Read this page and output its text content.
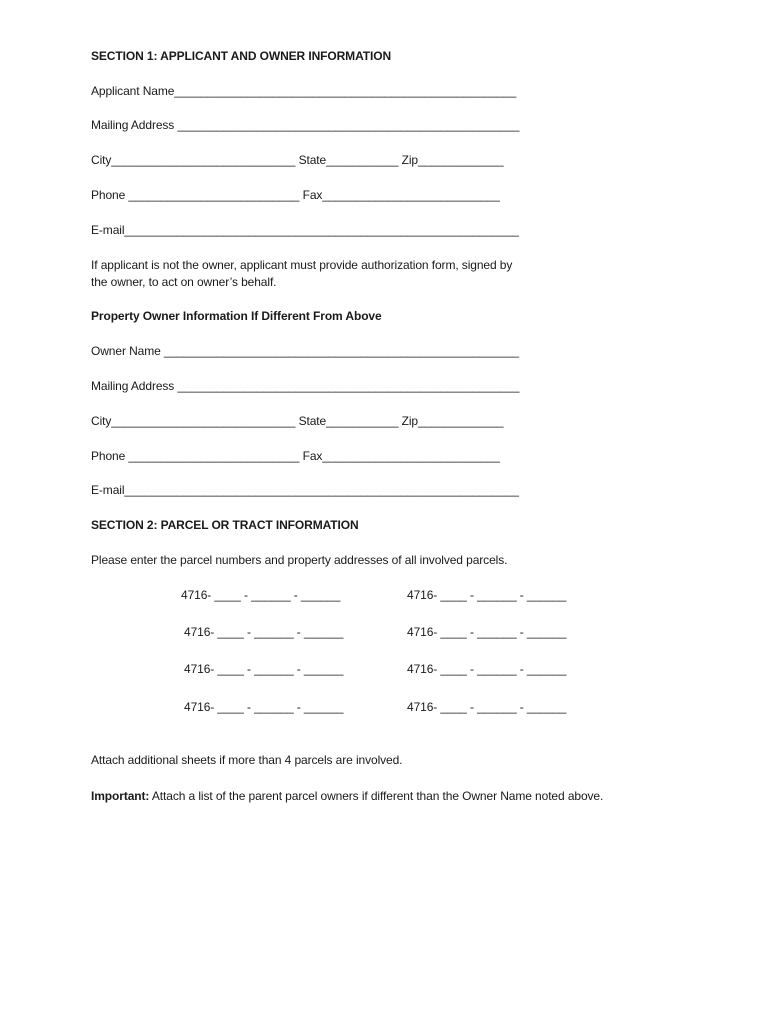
SECTION 1: APPLICANT AND OWNER INFORMATION
Applicant Name____________________________________________________
Mailing Address ____________________________________________________
City____________________________ State___________ Zip_____________
Phone __________________________ Fax___________________________
E-mail____________________________________________________________
If applicant is not the owner, applicant must provide authorization form, signed by
the owner, to act on owner’s behalf.
Property Owner Information If Different From Above
Owner Name ______________________________________________________
Mailing Address ____________________________________________________
City____________________________ State___________ Zip_____________
Phone __________________________ Fax___________________________
E-mail____________________________________________________________
SECTION 2: PARCEL OR TRACT INFORMATION
Please enter the parcel numbers and property addresses of all involved parcels.
4716- ____ - ______ - ______	4716- ____ - ______ - ______
4716- ____ - ______ - ______	4716- ____ - ______ - ______
4716- ____ - ______ - ______	4716- ____ - ______ - ______
4716- ____ - ______ - ______	4716- ____ - ______ - ______
Attach additional sheets if more than 4 parcels are involved.
Important: Attach a list of the parent parcel owners if different than the Owner Name noted above.
